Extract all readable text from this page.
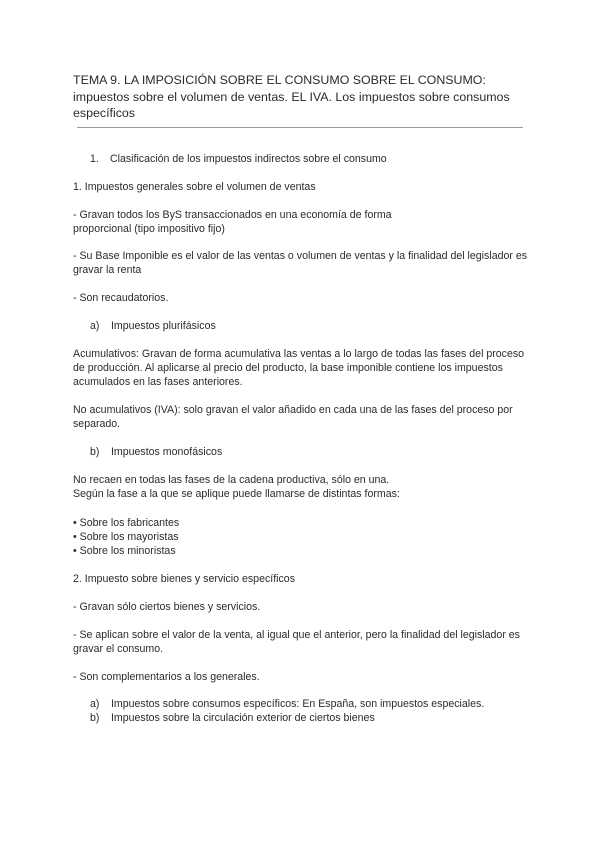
TEMA 9. LA IMPOSICIÓN SOBRE EL CONSUMO SOBRE EL CONSUMO: impuestos sobre el volumen de ventas. EL IVA. Los impuestos sobre consumos específicos
1. Clasificación de los impuestos indirectos sobre el consumo

1. Impuestos generales sobre el volumen de ventas

- Gravan todos los ByS transaccionados en una economía de forma
proporcional (tipo impositivo fijo)

- Su Base Imponible es el valor de las ventas o volumen de ventas y la finalidad del legislador es gravar la renta

- Son recaudatorios.

a) Impuestos plurifásicos

Acumulativos: Gravan de forma acumulativa las ventas a lo largo de todas las fases del proceso de producción. Al aplicarse al precio del producto, la base imponible contiene los impuestos acumulados en las fases anteriores.

No acumulativos (IVA): solo gravan el valor añadido en cada una de las fases del proceso por separado.

b) Impuestos monofásicos
No recaen en todas las fases de la cadena productiva, sólo en una.
Según la fase a la que se aplique puede llamarse de distintas formas:
• Sobre los fabricantes
• Sobre los mayoristas
• Sobre los minoristas

2. Impuesto sobre bienes y servicio específicos

- Gravan sólo ciertos bienes y servicios.

- Se aplican sobre el valor de la venta, al igual que el anterior, pero la finalidad del legislador es gravar el consumo.

- Son complementarios a los generales.

a) Impuestos sobre consumos específicos: En España, son impuestos especiales.
b) Impuestos sobre la circulación exterior de ciertos bienes
